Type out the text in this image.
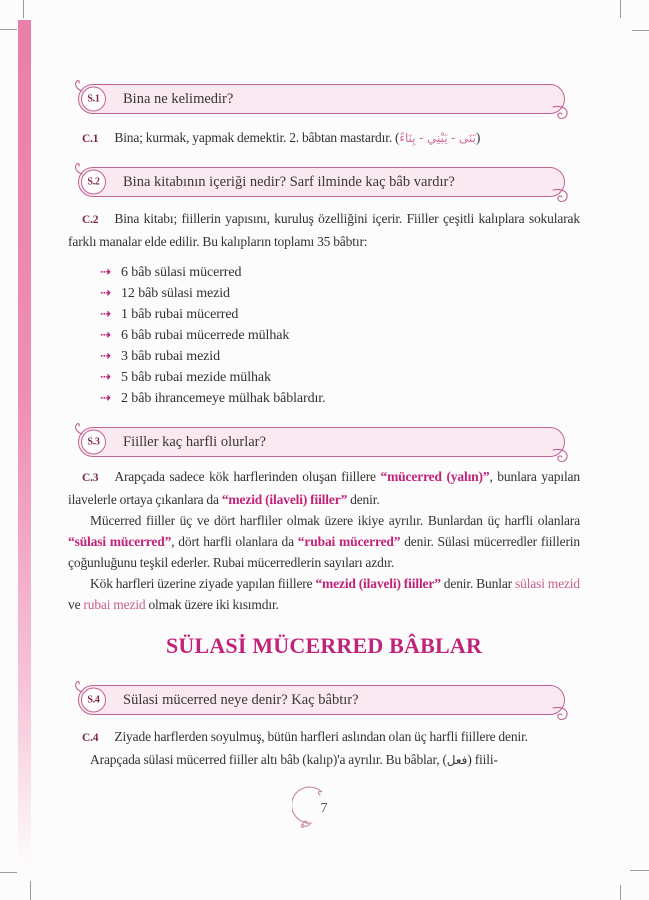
S.1	Bina ne kelimedir?
C.1 Bina; kurmak, yapmak demektir. 2. bâbtan mastardır. (بَنَى - يَبْنِي - بِنَاءً)
S.2	Bina kitabının içeriği nedir? Sarf ilminde kaç bâb vardır?
C.2 Bina kitabı; fiillerin yapısını, kuruluş özelliğini içerir. Fiiller çeşitli kalıplara sokularak farklı manalar elde edilir. Bu kalıpların toplamı 35 bâbtır:
⇢ 6 bâb sülasi mücerred
⇢ 12 bâb sülasi mezid
⇢ 1 bâb rubai mücerred
⇢ 6 bâb rubai mücerrede mülhak
⇢ 3 bâb rubai mezid
⇢ 5 bâb rubai mezide mülhak
⇢ 2 bâb ihrancemeye mülhak bâblardır.
S.3	Fiiller kaç harfli olurlar?
C.3 Arapçada sadece kök harflerinden oluşan fiillere “mücerred (yalın)”, bunlara yapılan ilavelerle ortaya çıkanlara da “mezid (ilaveli) fiiller” denir.
Mücerred fiiller üç ve dört harfliler olmak üzere ikiye ayrılır. Bunlardan üç harfli olanlara “sülasi mücerred”, dört harfli olanlara da “rubai mücerred” denir. Sülasi mücerredler fiillerin çoğunluğunu teşkil ederler. Rubai mücerredlerin sayıları azdır.
Kök harfleri üzerine ziyade yapılan fiillere “mezid (ilaveli) fiiller” denir. Bunlar sülasi mezid ve rubai mezid olmak üzere iki kısımdır.
SÜLASİ MÜCERRED BÂBLAR
S.4	Sülasi mücerred neye denir? Kaç bâbtır?
C.4 Ziyade harflerden soyulmuş, bütün harfleri aslından olan üç harfli fiillere denir.
Arapçada sülasi mücerred fiiller altı bâb (kalıp)'a ayrılır. Bu bâblar, (فعل) fiili-
7
